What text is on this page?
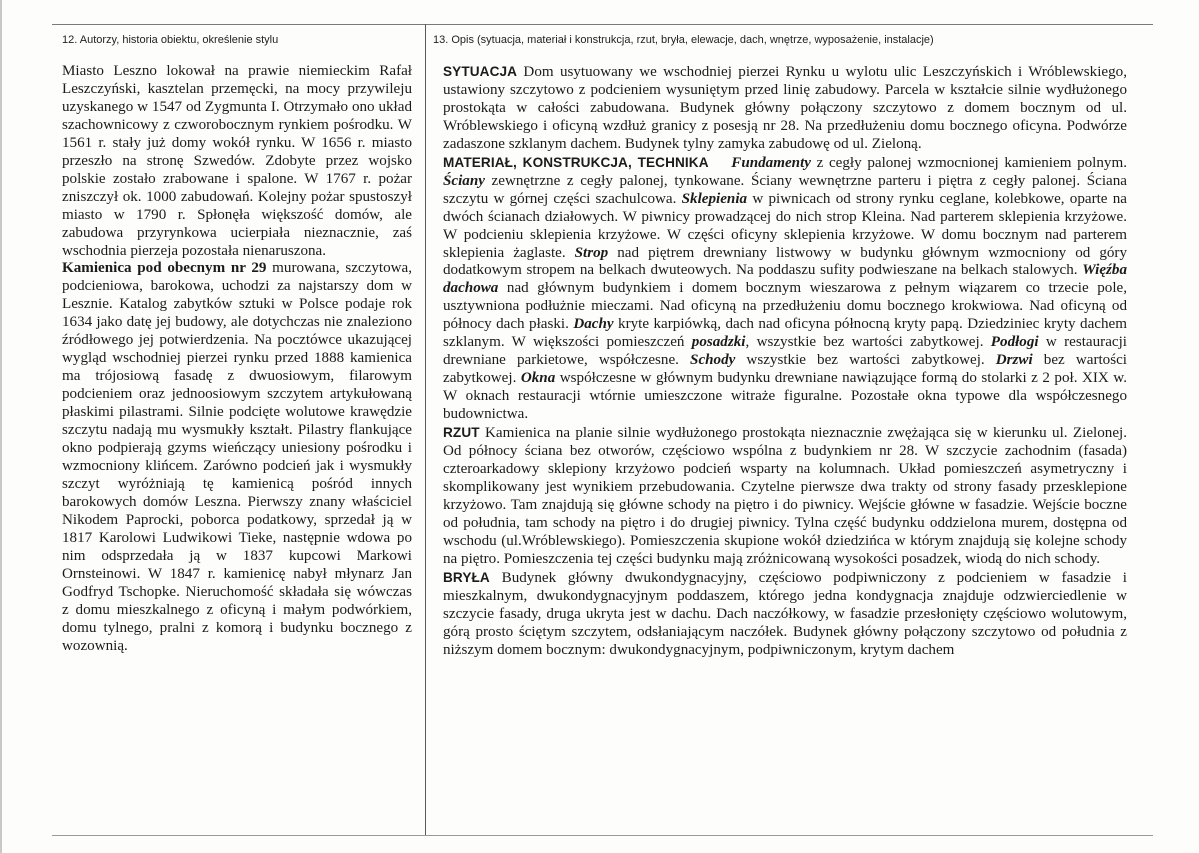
12. Autorzy, historia obiektu, określenie stylu	13. Opis (sytuacja, materiał i konstrukcja, rzut, bryła, elewacje, dach, wnętrze, wyposażenie, instalacje)

Miasto Leszno lokował na prawie niemieckim Rafał Leszczyński, kasztelan przemęcki, na mocy przywileju uzyskanego w 1547 od Zygmunta I. Otrzymało ono układ szachownicowy z czworobocznym rynkiem pośrodku. W 1561 r. stały już domy wokół rynku. W 1656 r. miasto przeszło na stronę Szwedów. Zdobyte przez wojsko polskie zostało zrabowane i spalone. W 1767 r. pożar zniszczył ok. 1000 zabudowań. Kolejny pożar spustoszył miasto w 1790 r. Spłonęła większość domów, ale zabudowa przyrynkowa ucierpiała nieznacznie, zaś wschodnia pierzeja pozostała nienaruszona.

Kamienica pod obecnym nr 29 murowana, szczytowa, podcieniowa, barokowa, uchodzi za najstarszy dom w Lesznie. Katalog zabytków sztuki w Polsce podaje rok 1634 jako datę jej budowy, ale dotychczas nie znaleziono źródłowego jej potwierdzenia. Na pocztówce ukazującej wygląd wschodniej pierzei rynku przed 1888 kamienica ma trójosiową fasadę z dwuosiowym, filarowym podcieniem oraz jednoosiowym szczytem artykułowaną płaskimi pilastrami. Silnie podcięte wolutowe krawędzie szczytu nadają mu wysmukły kształt. Pilastry flankujące okno podpierają gzyms wieńczący uniesiony pośrodku i wzmocniony klińcem. Zarówno podcień jak i wysmukły szczyt wyróżniają tę kamienicą pośród innych barokowych domów Leszna. Pierwszy znany właściciel Nikodem Paprocki, poborca podatkowy, sprzedał ją w 1817 Karolowi Ludwikowi Tieke, następnie wdowa po nim odsprzedała ją w 1837 kupcowi Markowi Ornsteinowi. W 1847 r. kamienicę nabył młynarz Jan Godfryd Tschopke. Nieruchomość składała się wówczas z domu mieszkalnego z oficyną i małym podwórkiem, domu tylnego, pralni z komorą i budynku bocznego z wozownią.

SYTUACJA Dom usytuowany we wschodniej pierzei Rynku u wylotu ulic Leszczyńskich i Wróblewskiego, ustawiony szczytowo z podcieniem wysuniętym przed linię zabudowy. Parcela w kształcie silnie wydłużonego prostokąta w całości zabudowana. Budynek główny połączony szczytowo z domem bocznym od ul. Wróblewskiego i oficyną wzdłuż granicy z posesją nr 28. Na przedłużeniu domu bocznego oficyna. Podwórze zadaszone szklanym dachem. Budynek tylny zamyka zabudowę od ul. Zieloną.

MATERIAŁ, KONSTRUKCJA, TECHNIKA Fundamenty z cegły palonej wzmocnionej kamieniem polnym. Ściany zewnętrzne z cegły palonej, tynkowane. Ściany wewnętrzne parteru i piętra z cegły palonej. Ściana szczytu w górnej części szachulcowa. Sklepienia w piwnicach od strony rynku ceglane, kolebkowe, oparte na dwóch ścianach działowych. W piwnicy prowadzącej do nich strop Kleina. Nad parterem sklepienia krzyżowe. W podcieniu sklepienia krzyżowe. W części oficyny sklepienia krzyżowe. W domu bocznym nad parterem sklepienia żaglaste. Strop nad piętrem drewniany listwowy w budynku głównym wzmocniony od góry dodatkowym stropem na belkach dwuteowych. Na poddaszu sufity podwieszane na belkach stalowych. Więźba dachowa nad głównym budynkiem i domem bocznym wieszarowa z pełnym wiązarem co trzecie pole, usztywniona podłużnie mieczami. Nad oficyną na przedłużeniu domu bocznego krokwiowa. Nad oficyną od północy dach płaski. Dachy kryte karpiówką, dach nad oficyna północną kryty papą. Dziedziniec kryty dachem szklanym. W większości pomieszczeń posadzki, wszystkie bez wartości zabytkowej. Podłogi w restauracji drewniane parkietowe, współczesne. Schody wszystkie bez wartości zabytkowej. Drzwi bez wartości zabytkowej. Okna współczesne w głównym budynku drewniane nawiązujące formą do stolarki z 2 poł. XIX w. W oknach restauracji wtórnie umieszczone witraże figuralne. Pozostałe okna typowe dla współczesnego budownictwa.

RZUT Kamienica na planie silnie wydłużonego prostokąta nieznacznie zwężająca się w kierunku ul. Zielonej. Od północy ściana bez otworów, częściowo wspólna z budynkiem nr 28. W szczycie zachodnim (fasada) czteroarkadowy sklepiony krzyżowo podcień wsparty na kolumnach. Układ pomieszczeń asymetryczny i skomplikowany jest wynikiem przebudowania. Czytelne pierwsze dwa trakty od strony fasady przesklepione krzyżowo. Tam znajdują się główne schody na piętro i do piwnicy. Wejście główne w fasadzie. Wejście boczne od południa, tam schody na piętro i do drugiej piwnicy. Tylna część budynku oddzielona murem, dostępna od wschodu (ul.Wróblewskiego). Pomieszczenia skupione wokół dziedzińca w którym znajdują się kolejne schody na piętro. Pomieszczenia tej części budynku mają zróżnicowaną wysokości posadzek, wiodą do nich schody.

BRYŁA Budynek główny dwukondygnacyjny, częściowo podpiwniczony z podcieniem w fasadzie i mieszkalnym, dwukondygnacyjnym poddaszem, którego jedna kondygnacja znajduje odzwierciedlenie w szczycie fasady, druga ukryta jest w dachu. Dach naczółkowy, w fasadzie przesłonięty częściowo wolutowym, górą prosto ściętym szczytem, odsłaniającym naczółek. Budynek główny połączony szczytowo od południa z niższym domem bocznym: dwukondygnacyjnym, podpiwniczonym, krytym dachem
